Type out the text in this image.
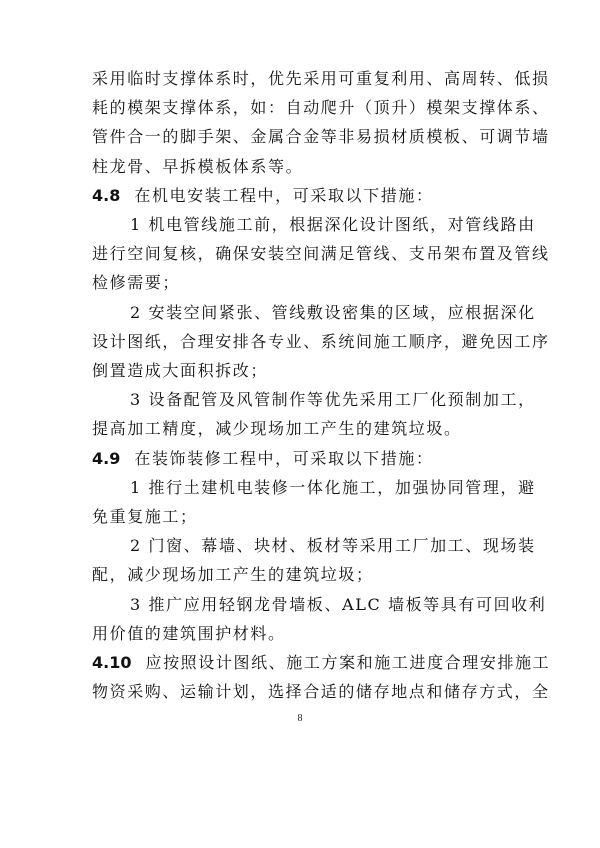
采用临时支撑体系时，优先采用可重复利用、高周转、低损
耗的模架支撑体系，如：自动爬升（顶升）模架支撑体系、
管件合一的脚手架、金属合金等非易损材质模板、可调节墙
柱龙骨、早拆模板体系等。
4.8 在机电安装工程中，可采取以下措施：
1 机电管线施工前，根据深化设计图纸，对管线路由
进行空间复核，确保安装空间满足管线、支吊架布置及管线
检修需要；
2 安装空间紧张、管线敷设密集的区域，应根据深化
设计图纸，合理安排各专业、系统间施工顺序，避免因工序
倒置造成大面积拆改；
3 设备配管及风管制作等优先采用工厂化预制加工，
提高加工精度，减少现场加工产生的建筑垃圾。
4.9 在装饰装修工程中，可采取以下措施：
1 推行土建机电装修一体化施工，加强协同管理，避
免重复施工；
2 门窗、幕墙、块材、板材等采用工厂加工、现场装
配，减少现场加工产生的建筑垃圾；
3 推广应用轻钢龙骨墙板、ALC 墙板等具有可回收利
用价值的建筑围护材料。
4.10 应按照设计图纸、施工方案和施工进度合理安排施工
物资采购、运输计划，选择合适的储存地点和储存方式，全
8
